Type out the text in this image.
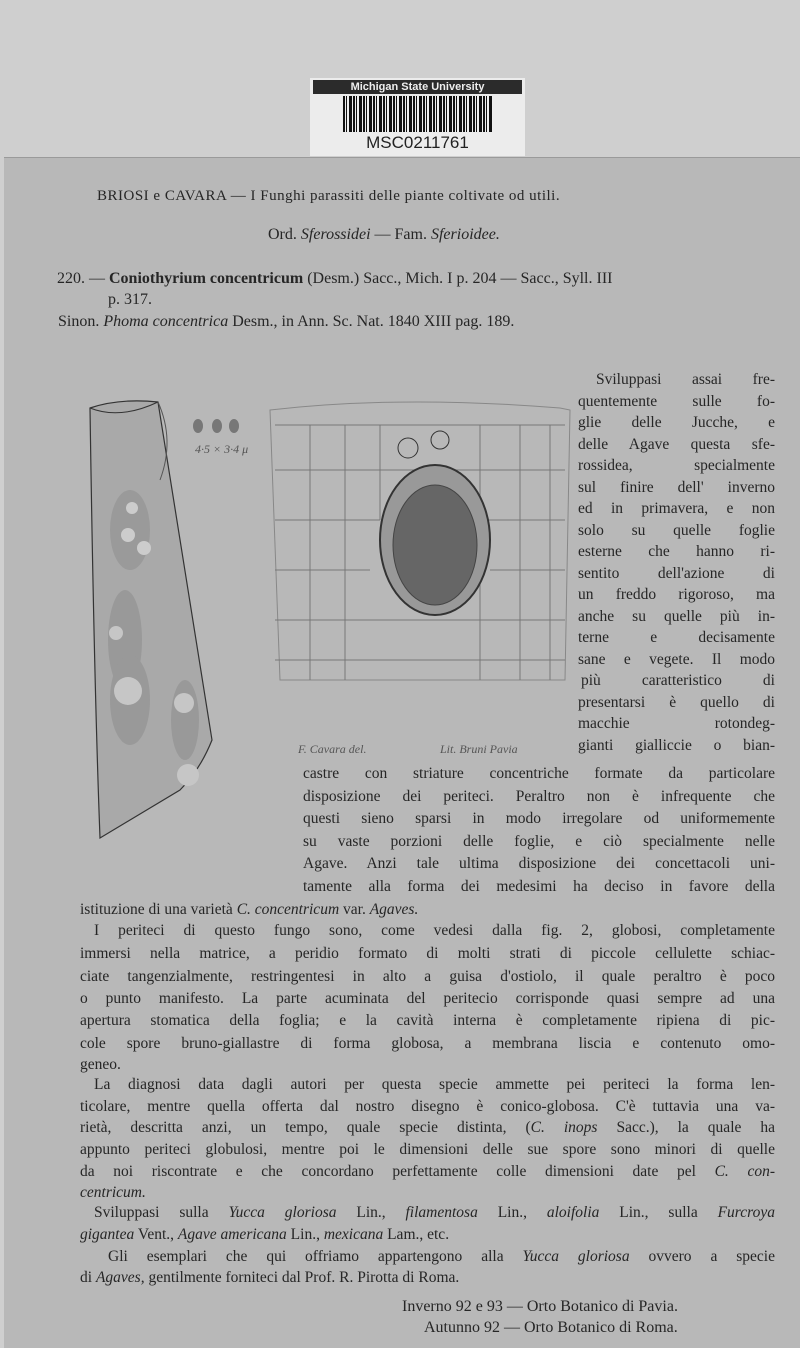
Michigan State University
MSC0211761
BRIOSI e CAVARA — I Funghi parassiti delle piante coltivate od utili.
Ord. Sferossidei — Fam. Sferioidee.
220. — Coniothyrium concentricum (Desm.) Sacc., Mich. I p. 204 — Sacc., Syll. III
p. 317.
Sinon. Phoma concentrica Desm., in Ann. Sc. Nat. 1840 XIII pag. 189.
4·5 × 3·4 μ
F. Cavara del.	Lit. Bruni Pavia
Sviluppasi assai fre-
quentemente sulle fo-
glie delle Jucche, e
delle Agave questa sfe-
rossidea, specialmente
sul finire dell' inverno
ed in primavera, e non
solo su quelle foglie
esterne che hanno ri-
sentito dell'azione di
un freddo rigoroso, ma
anche su quelle più in-
terne e decisamente
sane e vegete. Il modo
più caratteristico di
presentarsi è quello di
macchie rotondeg-
gianti gialliccie o bian-
castre con striature concentriche formate da particolare
disposizione dei periteci. Peraltro non è infrequente che
questi sieno sparsi in modo irregolare od uniformemente
su vaste porzioni delle foglie, e ciò specialmente nelle
Agave. Anzi tale ultima disposizione dei concettacoli uni-
tamente alla forma dei medesimi ha deciso in favore della
istituzione di una varietà C. concentricum var. Agaves.
I periteci di questo fungo sono, come vedesi dalla fig. 2, globosi, completamente
immersi nella matrice, a peridio formato di molti strati di piccole cellulette schiac-
ciate tangenzialmente, restringentesi in alto a guisa d'ostiolo, il quale peraltro è poco
o punto manifesto. La parte acuminata del peritecio corrisponde quasi sempre ad una
apertura stomatica della foglia; e la cavità interna è completamente ripiena di pic-
cole spore bruno-giallastre di forma globosa, a membrana liscia e contenuto omo-
geneo.
La diagnosi data dagli autori per questa specie ammette pei periteci la forma len-
ticolare, mentre quella offerta dal nostro disegno è conico-globosa. C'è tuttavia una va-
rietà, descritta anzi, un tempo, quale specie distinta, (C. inops Sacc.), la quale ha
appunto periteci globulosi, mentre poi le dimensioni delle sue spore sono minori di quelle
da noi riscontrate e che concordano perfettamente colle dimensioni date pel C. con-
centricum.
Sviluppasi sulla Yucca gloriosa Lin., filamentosa Lin., aloifolia Lin., sulla Furcroya
gigantea Vent., Agave americana Lin., mexicana Lam., etc.
Gli esemplari che qui offriamo appartengono alla Yucca gloriosa ovvero a specie
di Agaves, gentilmente forniteci dal Prof. R. Pirotta di Roma.
Inverno 92 e 93 — Orto Botanico di Pavia.
Autunno 92 — Orto Botanico di Roma.
